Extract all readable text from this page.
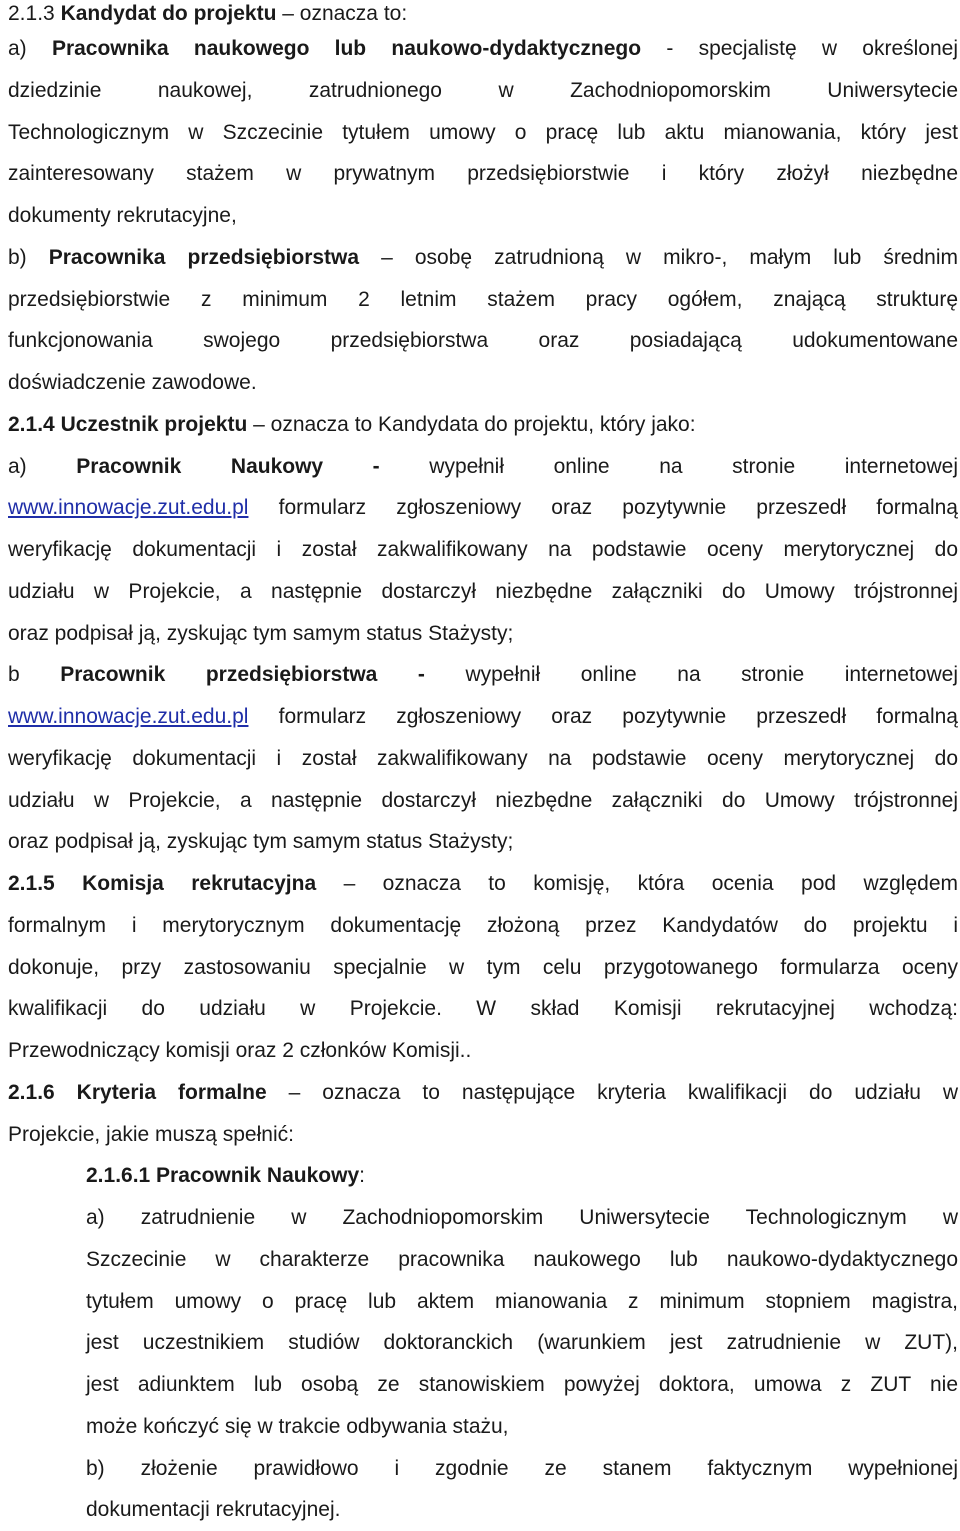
2.1.3 Kandydat do projektu – oznacza to:
a) Pracownika naukowego lub naukowo-dydaktycznego - specjalistę w określonej
dziedzinie naukowej, zatrudnionego w Zachodniopomorskim Uniwersytecie
Technologicznym w Szczecinie tytułem umowy o pracę lub aktu mianowania, który jest
zainteresowany stażem w prywatnym przedsiębiorstwie i który złożył niezbędne
dokumenty rekrutacyjne,
b) Pracownika przedsiębiorstwa – osobę zatrudnioną w mikro-, małym lub średnim
przedsiębiorstwie z minimum 2 letnim stażem pracy ogółem, znającą strukturę
funkcjonowania swojego przedsiębiorstwa oraz posiadającą udokumentowane
doświadczenie zawodowe.
2.1.4 Uczestnik projektu – oznacza to Kandydata do projektu, który jako:
a) Pracownik Naukowy - wypełnił online na stronie internetowej
www.innowacje.zut.edu.pl formularz zgłoszeniowy oraz pozytywnie przeszedł formalną
weryfikację dokumentacji i został zakwalifikowany na podstawie oceny merytorycznej do
udziału w Projekcie, a następnie dostarczył niezbędne załączniki do Umowy trójstronnej
oraz podpisał ją, zyskując tym samym status Stażysty;
b Pracownik przedsiębiorstwa - wypełnił online na stronie internetowej
www.innowacje.zut.edu.pl formularz zgłoszeniowy oraz pozytywnie przeszedł formalną
weryfikację dokumentacji i został zakwalifikowany na podstawie oceny merytorycznej do
udziału w Projekcie, a następnie dostarczył niezbędne załączniki do Umowy trójstronnej
oraz podpisał ją, zyskując tym samym status Stażysty;
2.1.5 Komisja rekrutacyjna – oznacza to komisję, która ocenia pod względem
formalnym i merytorycznym dokumentację złożoną przez Kandydatów do projektu i
dokonuje, przy zastosowaniu specjalnie w tym celu przygotowanego formularza oceny
kwalifikacji do udziału w Projekcie. W skład Komisji rekrutacyjnej wchodzą:
Przewodniczący komisji oraz 2 członków Komisji..
2.1.6 Kryteria formalne – oznacza to następujące kryteria kwalifikacji do udziału w
Projekcie, jakie muszą spełnić:
2.1.6.1 Pracownik Naukowy:
a) zatrudnienie w Zachodniopomorskim Uniwersytecie Technologicznym w
Szczecinie w charakterze pracownika naukowego lub naukowo-dydaktycznego
tytułem umowy o pracę lub aktem mianowania z minimum stopniem magistra,
jest uczestnikiem studiów doktoranckich (warunkiem jest zatrudnienie w ZUT),
jest adiunktem lub osobą ze stanowiskiem powyżej doktora, umowa z ZUT nie
może kończyć się w trakcie odbywania stażu,
b) złożenie prawidłowo i zgodnie ze stanem faktycznym wypełnionej
dokumentacji rekrutacyjnej.
